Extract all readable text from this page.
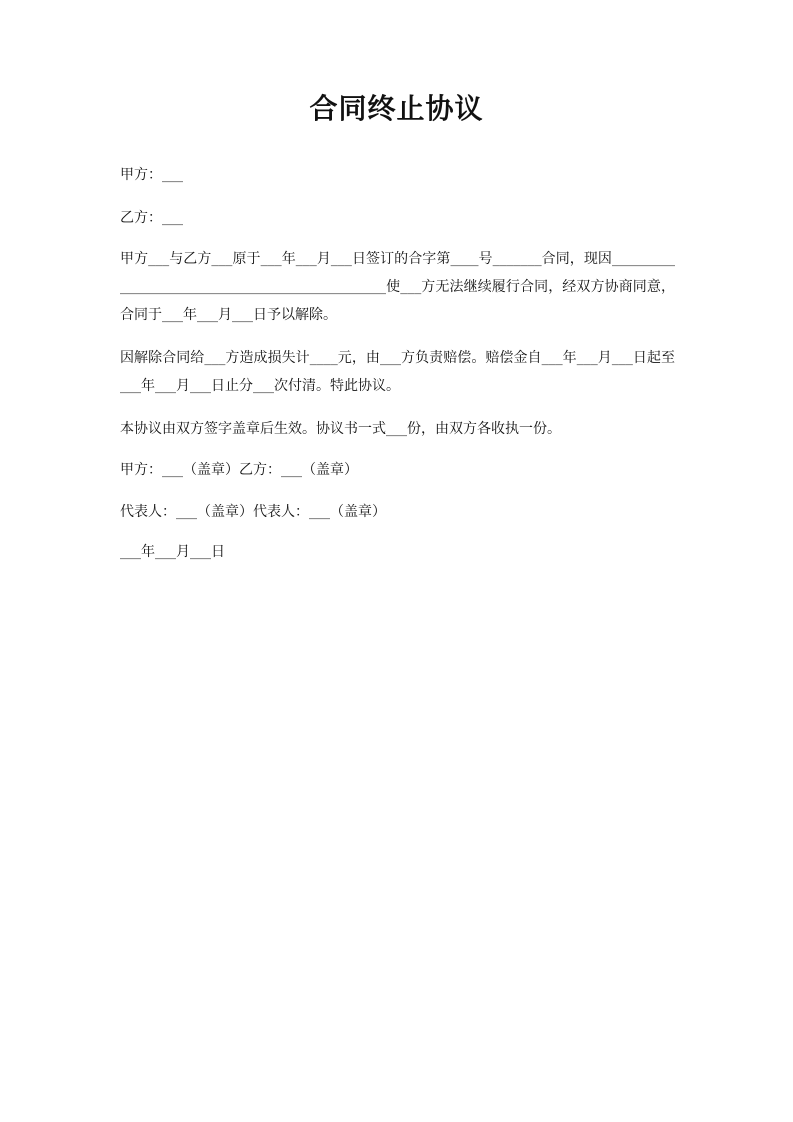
合同终止协议
甲方：___
乙方：___
甲方___与乙方___原于___年___月___日签订的合字第____号_______合同，现因_______________________________________________使___方无法继续履行合同，经双方协商同意，合同于___年___月___日予以解除。
因解除合同给___方造成损失计____元，由___方负责赔偿。赔偿金自___年___月___日起至___年___月___日止分___次付清。特此协议。
本协议由双方签字盖章后生效。协议书一式___份，由双方各收执一份。
甲方：___（盖章）乙方：___（盖章）
代表人：___（盖章）代表人：___（盖章）
___年___月___日
